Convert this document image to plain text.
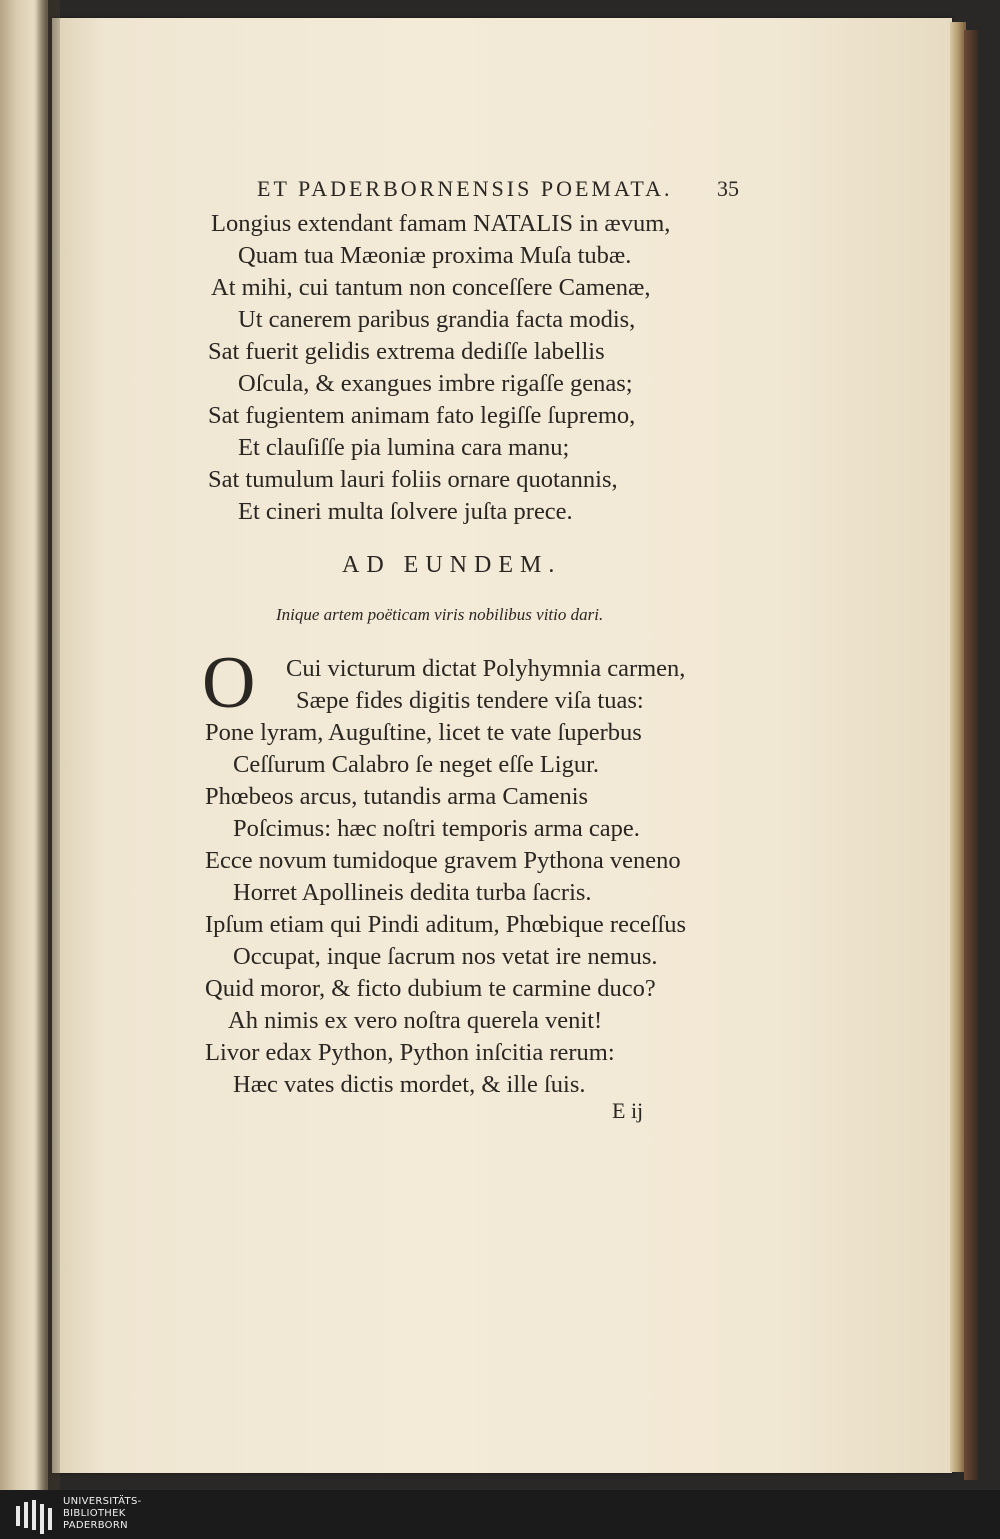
ET PADERBORNENSIS POEMATA. 35
Longius extendant famam NATALIS in ævum,
Quam tua Mæoniæ proxima Muſa tubæ.
At mihi, cui tantum non conceſſere Camenæ,
Ut canerem paribus grandia facta modis,
Sat fuerit gelidis extrema dediſſe labellis
Oſcula, & exangues imbre rigaſſe genas;
Sat fugientem animam fato legiſſe ſupremo,
Et clauſiſſe pia lumina cara manu;
Sat tumulum lauri foliis ornare quotannis,
Et cineri multa ſolvere juſta prece.
AD EUNDEM.
Inique artem poëticam viris nobilibus vitio dari.
O Cui victurum dictat Polyhymnia carmen,
Sæpe fides digitis tendere viſa tuas:
Pone lyram, Auguſtine, licet te vate ſuperbus
Ceſſurum Calabro ſe neget eſſe Ligur.
Phœbeos arcus, tutandis arma Camenis
Poſcimus: hæc noſtri temporis arma cape.
Ecce novum tumidoque gravem Pythona veneno
Horret Apollineis dedita turba ſacris.
Ipſum etiam qui Pindi aditum, Phœbique receſſus
Occupat, inque ſacrum nos vetat ire nemus.
Quid moror, & ficto dubium te carmine duco?
Ah nimis ex vero noſtra querela venit!
Livor edax Python, Python inſcitia rerum:
Hæc vates dictis mordet, & ille ſuis.
E ij
UNIVERSITÄTS-
BIBLIOTHEK
PADERBORN
